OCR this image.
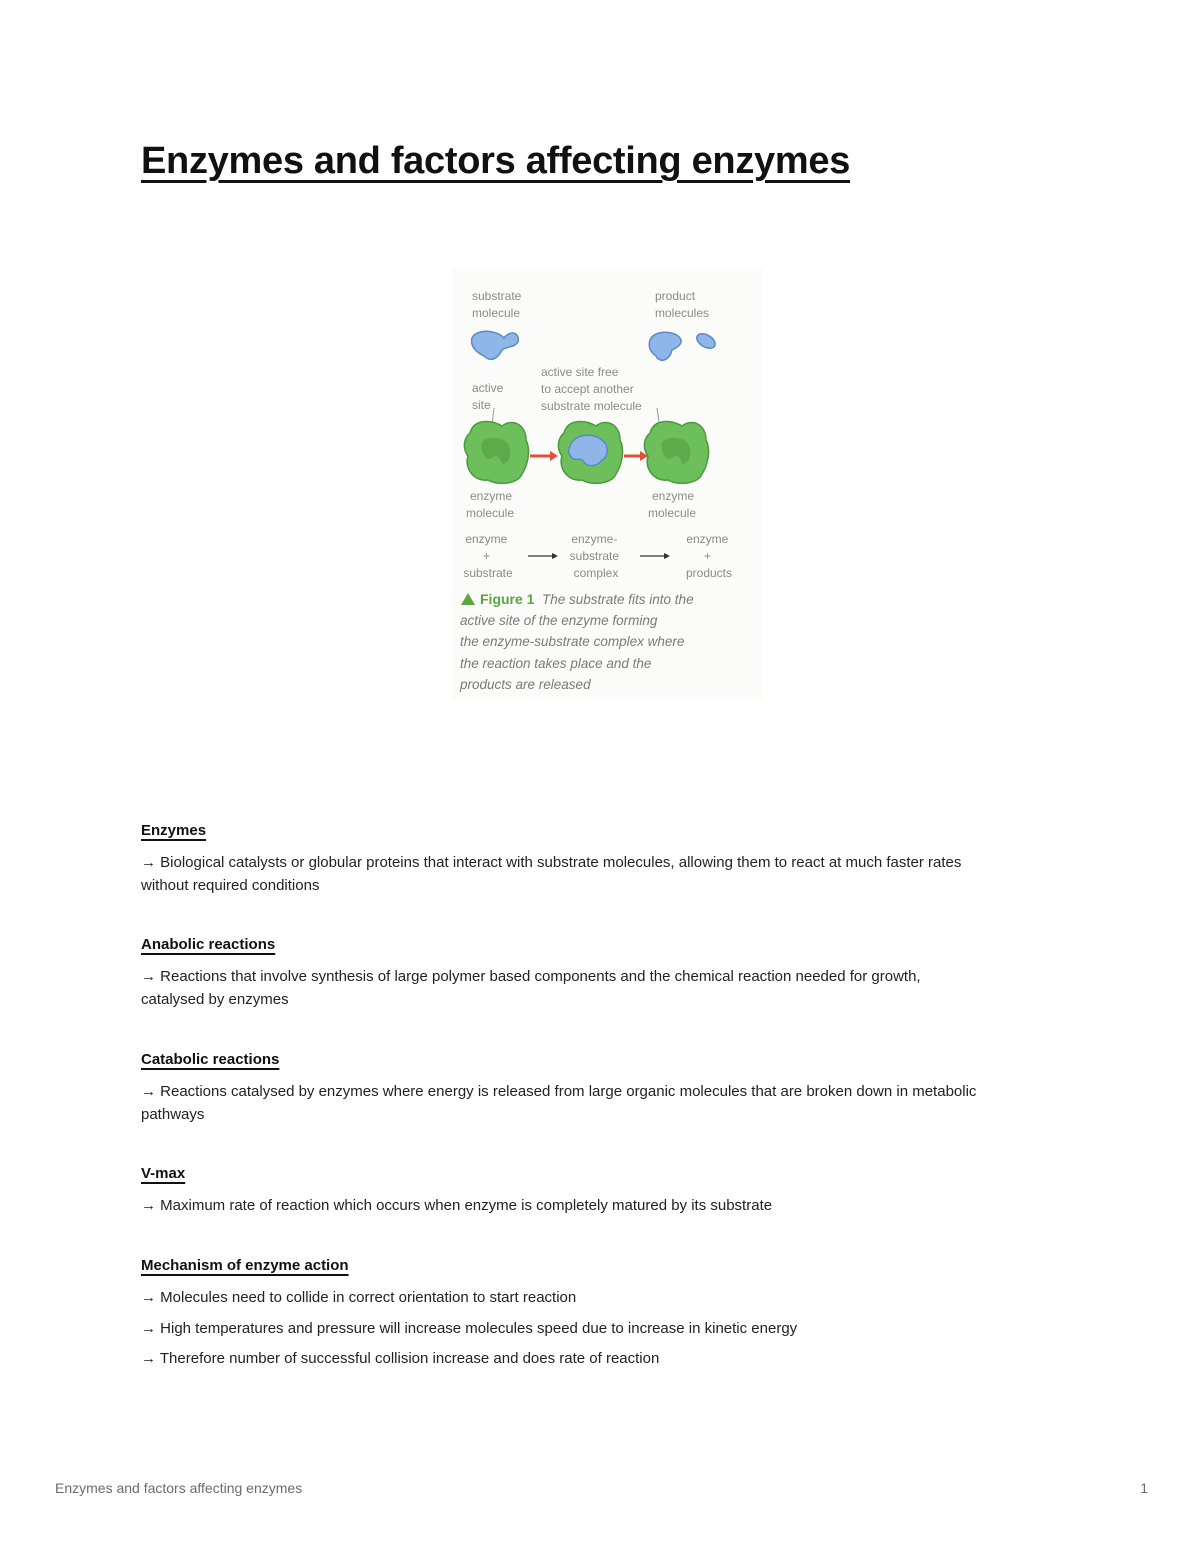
Enzymes and factors affecting enzymes
substrate molecule
product molecules
active site
active site free to accept another substrate molecule
enzyme molecule
enzyme molecule
enzyme + substrate
enzyme- substrate complex
enzyme + products
Figure 1 The substrate fits into the active site of the enzyme forming the enzyme-substrate complex where the reaction takes place and the products are released

Enzymes

→ Biological catalysts or globular proteins that interact with substrate molecules, allowing them to react at much faster rates

without required conditions

Anabolic reactions

→ Reactions that involve synthesis of large polymer based components and the chemical reaction needed for growth,

catalysed by enzymes

Catabolic reactions

→ Reactions catalysed by enzymes where energy is released from large organic molecules that are broken down in metabolic

pathways

V-max

→ Maximum rate of reaction which occurs when enzyme is completely matured by its substrate

Mechanism of enzyme action

→ Molecules need to collide in correct orientation to start reaction

→ High temperatures and pressure will increase molecules speed due to increase in kinetic energy

→ Therefore number of successful collision increase and does rate of reaction

Enzymes and factors affecting enzymes	1
